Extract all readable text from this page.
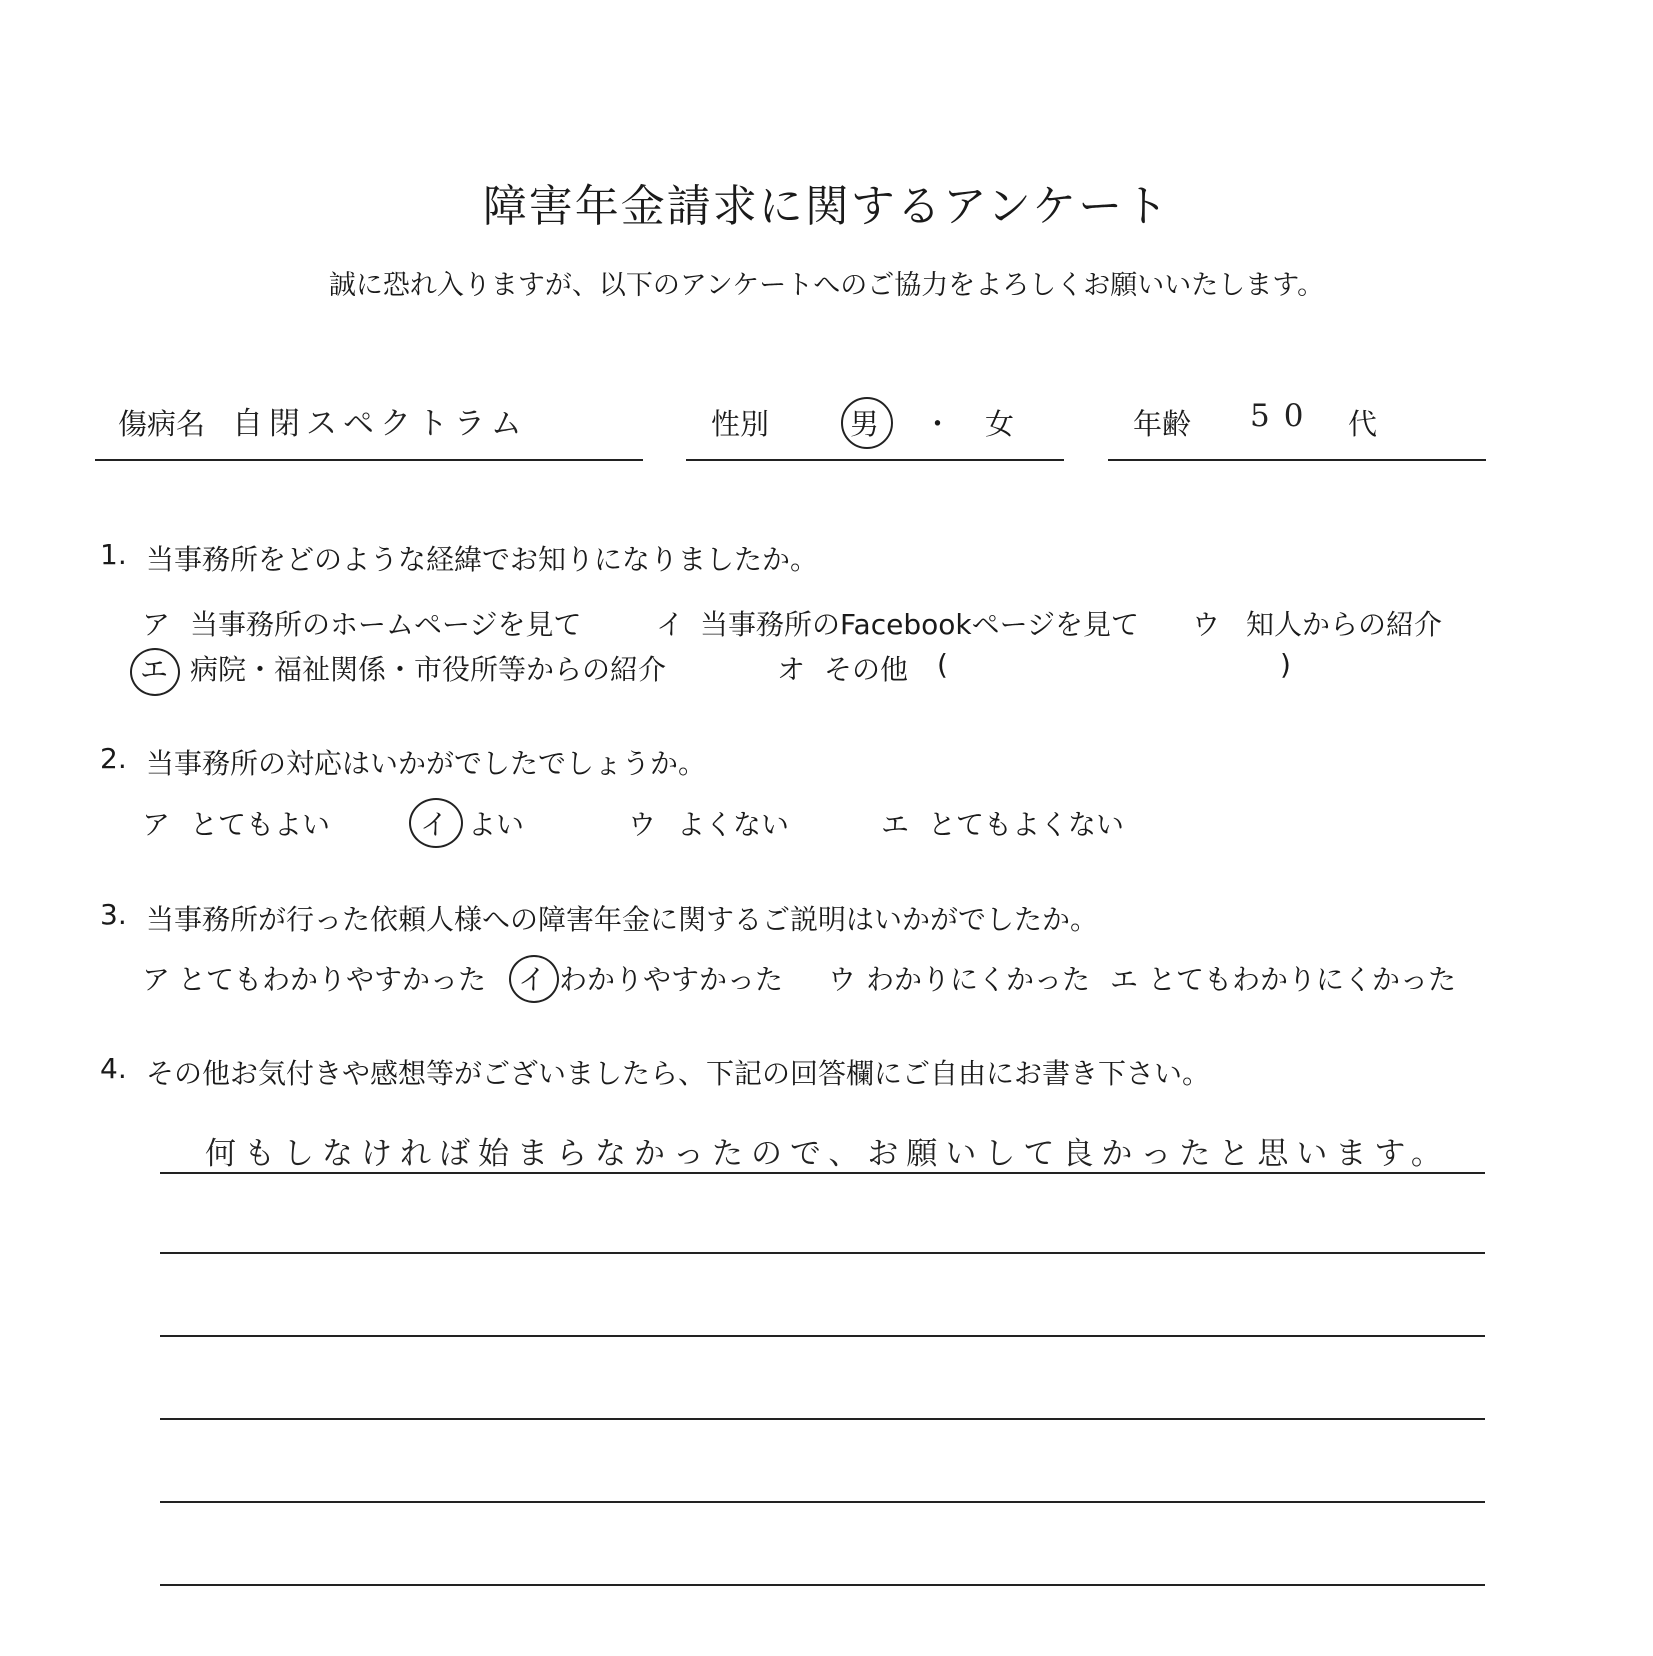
障害年金請求に関するアンケート
誠に恐れ入りますが、以下のアンケートへのご協力をよろしくお願いいたします。
傷病名 自閉スペクトラム	性別	男 ・ 女	年齢 50 代
1. 当事務所をどのような経緯でお知りになりましたか。
ア 当事務所のホームページを見て	イ 当事務所のFacebookページを見て ウ 知人からの紹介
エ 病院・福祉関係・市役所等からの紹介	オ その他 (	)
2. 当事務所の対応はいかがでしたでしょうか。
ア とてもよい	イ よい	ウ よくない	エ とてもよくない
3. 当事務所が行った依頼人様への障害年金に関するご説明はいかがでしたか。
ア とてもわかりやすかった イ わかりやすかった ウ わかりにくかった エ とてもわかりにくかった
4. その他お気付きや感想等がございましたら、下記の回答欄にご自由にお書き下さい。
何もしなければ始まらなかったので、お願いして良かったと思います。
